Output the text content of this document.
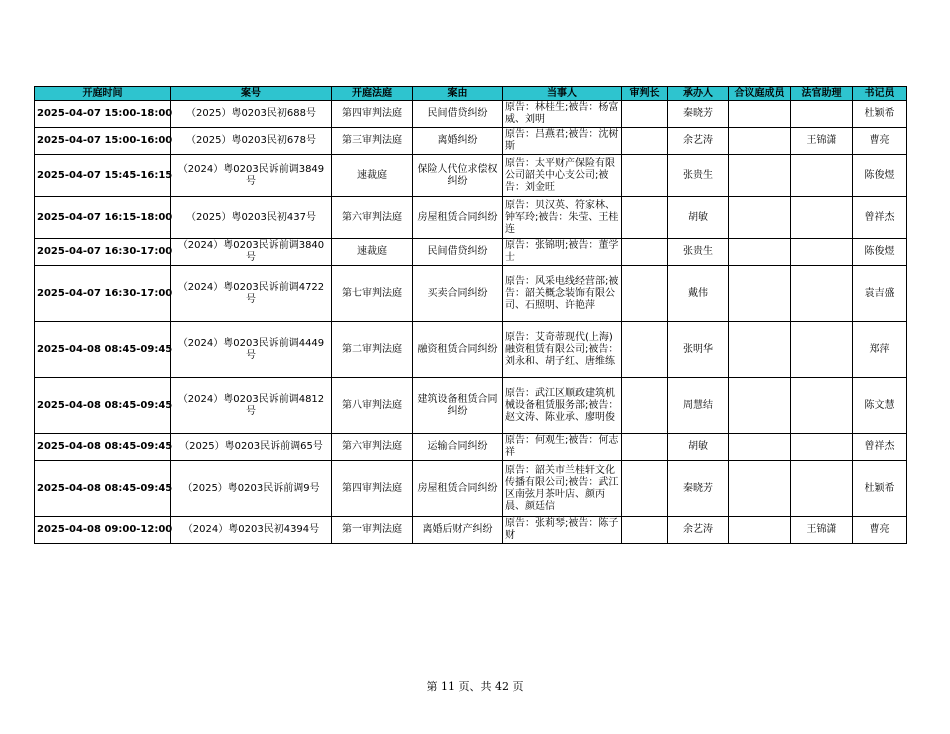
开庭时间	案号	开庭法庭	案由	当事人	审判长	承办人	合议庭成员	法官助理	书记员
2025-04-07 15:00-18:00	（2025）粤0203民初688号	第四审判法庭	民间借贷纠纷	原告：林桂生;被告：杨富威、刘明		秦晓芳			杜颖希
2025-04-07 15:00-16:00	（2025）粤0203民初678号	第三审判法庭	离婚纠纷	原告：吕燕君;被告：沈树斯		余艺涛		王锦潇	曹亮
2025-04-07 15:45-16:15	（2024）粤0203民诉前调3849号	速裁庭	保险人代位求偿权纠纷	原告：太平财产保险有限公司韶关中心支公司;被告：刘金旺		张贵生			陈俊煜
2025-04-07 16:15-18:00	（2025）粤0203民初437号	第六审判法庭	房屋租赁合同纠纷	原告：贝汉英、符家林、钟军玲;被告：朱莹、王桂连		胡敏			曾祥杰
2025-04-07 16:30-17:00	（2024）粤0203民诉前调3840号	速裁庭	民间借贷纠纷	原告：张锦明;被告：董学士		张贵生			陈俊煜
2025-04-07 16:30-17:00	（2024）粤0203民诉前调4722号	第七审判法庭	买卖合同纠纷	原告：风采电线经营部;被告：韶关概念装饰有限公司、石照明、许艳萍		戴伟			袁吉盛
2025-04-08 08:45-09:45	（2024）粤0203民诉前调4449号	第二审判法庭	融资租赁合同纠纷	原告：艾奇蒂现代(上海)融资租赁有限公司;被告：刘永和、胡子红、唐维练		张明华			郑萍
2025-04-08 08:45-09:45	（2024）粤0203民诉前调4812号	第八审判法庭	建筑设备租赁合同纠纷	原告：武江区顺政建筑机械设备租赁服务部;被告：赵文涛、陈业承、廖明俊		周慧结			陈文慧
2025-04-08 08:45-09:45	（2025）粤0203民诉前调65号	第六审判法庭	运输合同纠纷	原告：何观生;被告：何志祥		胡敏			曾祥杰
2025-04-08 08:45-09:45	（2025）粤0203民诉前调9号	第四审判法庭	房屋租赁合同纠纷	原告：韶关市兰桂轩文化传播有限公司;被告：武江区南弦月茶叶店、颜丙晨、颜廷信		秦晓芳			杜颖希
2025-04-08 09:00-12:00	（2024）粤0203民初4394号	第一审判法庭	离婚后财产纠纷	原告：张莉琴;被告：陈子财		余艺涛		王锦潇	曹亮
第 11 页、共 42 页
